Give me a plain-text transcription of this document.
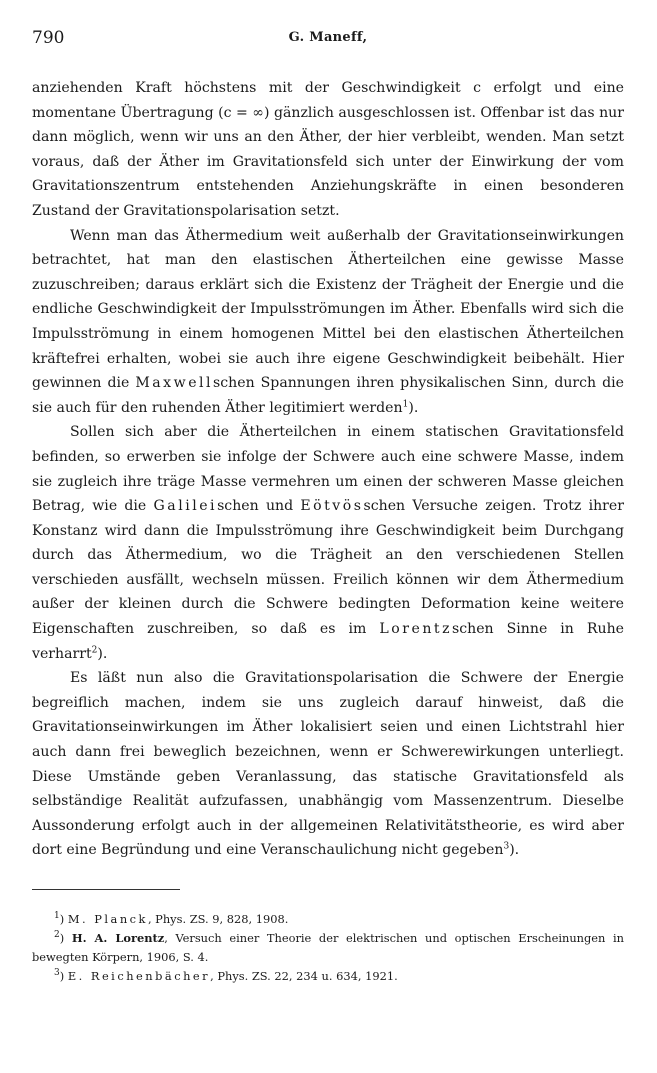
790	G. Maneff,

anziehenden Kraft höchstens mit der Geschwindigkeit c erfolgt und eine momentane Übertragung (c = ∞) gänzlich ausgeschlossen ist. Offenbar ist das nur dann möglich, wenn wir uns an den Äther, der hier verbleibt, wenden. Man setzt voraus, daß der Äther im Gravitationsfeld sich unter der Einwirkung der vom Gravitationszentrum entstehenden Anziehungskräfte in einen besonderen Zustand der Gravitationspolarisation setzt.

Wenn man das Äthermedium weit außerhalb der Gravitationseinwirkungen betrachtet, hat man den elastischen Ätherteilchen eine gewisse Masse zuzuschreiben; daraus erklärt sich die Existenz der Trägheit der Energie und die endliche Geschwindigkeit der Impulsströmungen im Äther. Ebenfalls wird sich die Impulsströmung in einem homogenen Mittel bei den elastischen Ätherteilchen kräftefrei erhalten, wobei sie auch ihre eigene Geschwindigkeit beibehält. Hier gewinnen die Maxwellschen Spannungen ihren physikalischen Sinn, durch die sie auch für den ruhenden Äther legitimiert werden$^1$).

Sollen sich aber die Ätherteilchen in einem statischen Gravitationsfeld befinden, so erwerben sie infolge der Schwere auch eine schwere Masse, indem sie zugleich ihre träge Masse vermehren um einen der schweren Masse gleichen Betrag, wie die Galileischen und Eötvösschen Versuche zeigen. Trotz ihrer Konstanz wird dann die Impulsströmung ihre Geschwindigkeit beim Durchgang durch das Äthermedium, wo die Trägheit an den verschiedenen Stellen verschieden ausfällt, wechseln müssen. Freilich können wir dem Äthermedium außer der kleinen durch die Schwere bedingten Deformation keine weitere Eigenschaften zuschreiben, so daß es im Lorentzschen Sinne in Ruhe verharrt$^2$).

Es läßt nun also die Gravitationspolarisation die Schwere der Energie begreiflich machen, indem sie uns zugleich darauf hinweist, daß die Gravitationseinwirkungen im Äther lokalisiert seien und einen Lichtstrahl hier auch dann frei beweglich bezeichnen, wenn er Schwerewirkungen unterliegt. Diese Umstände geben Veranlassung, das statische Gravitationsfeld als selbständige Realität aufzufassen, unabhängig vom Massenzentrum. Dieselbe Aussonderung erfolgt auch in der allgemeinen Relativitätstheorie, es wird aber dort eine Begründung und eine Veranschaulichung nicht gegeben$^3$).

$^1$) M. Planck, Phys. ZS. 9, 828, 1908.

$^2$) H. A. Lorentz, Versuch einer Theorie der elektrischen und optischen Erscheinungen in bewegten Körpern, 1906, S. 4.

$^3$) E. Reichenbächer, Phys. ZS. 22, 234 u. 634, 1921.
